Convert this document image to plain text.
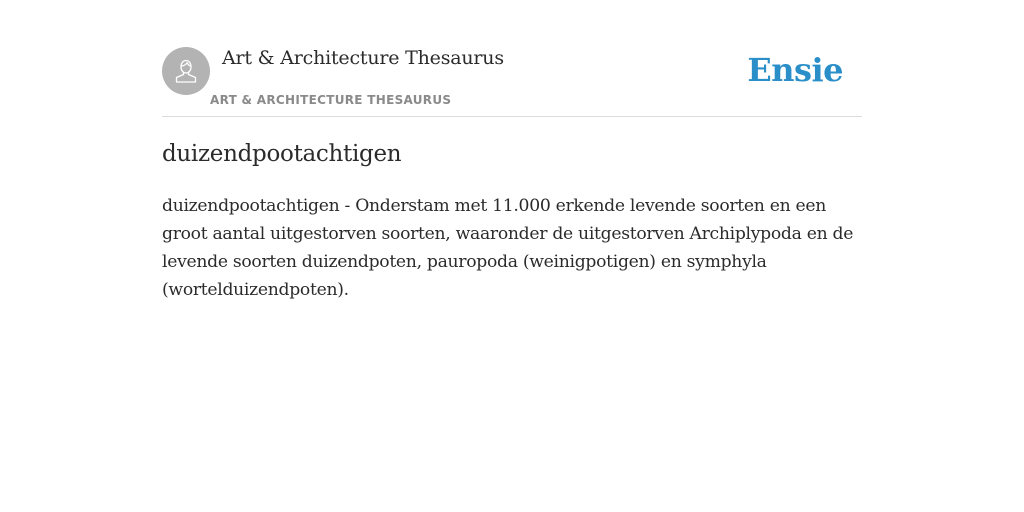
Art & Architecture Thesaurus
ART & ARCHITECTURE THESAURUS
Ensie
duizendpootachtigen

duizendpootachtigen - Onderstam met 11.000 erkende levende soorten en een groot aantal uitgestorven soorten, waaronder de uitgestorven Archiplypoda en de levende soorten duizendpoten, pauropoda (weinigpotigen) en symphyla (wortelduizendpoten).
